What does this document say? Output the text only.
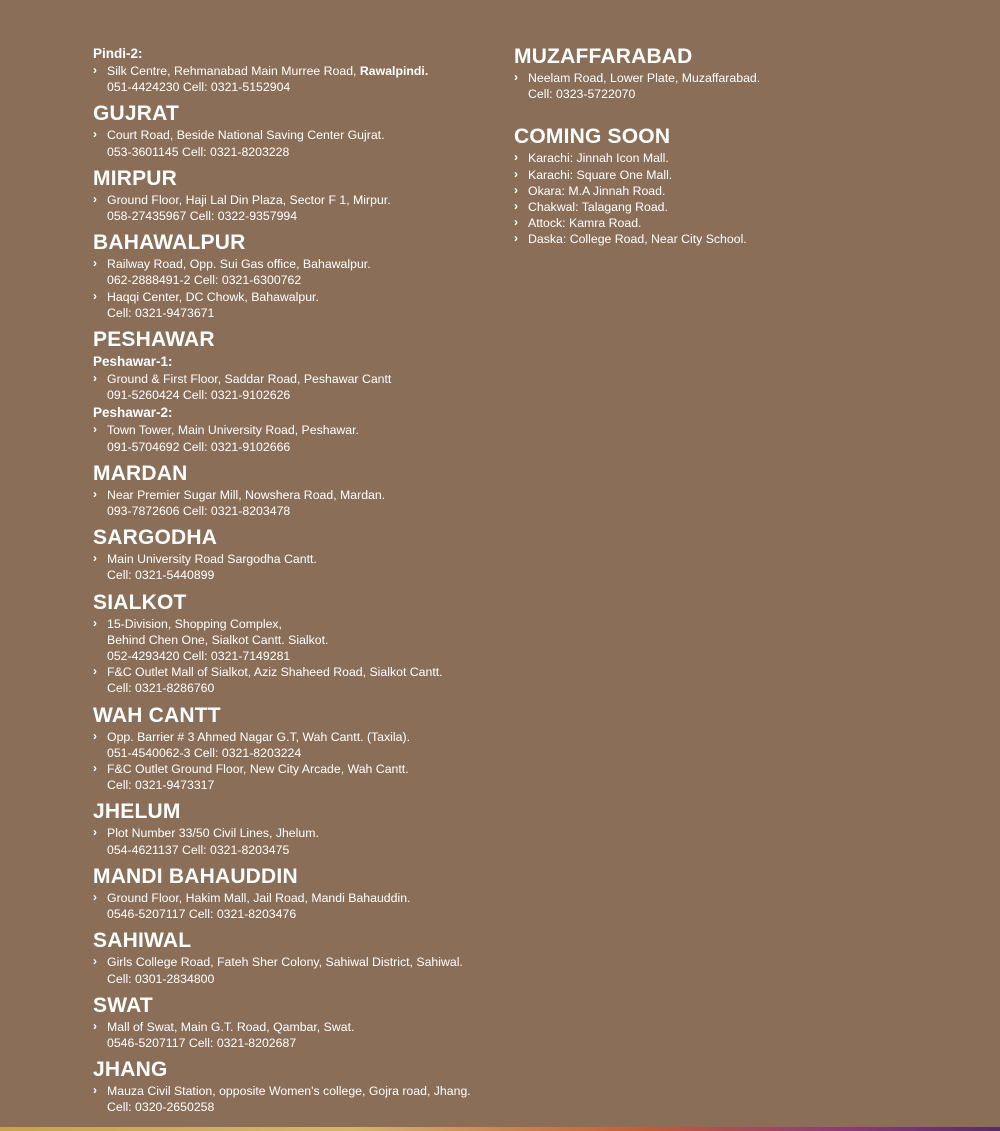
Pindi-2:
› Silk Centre, Rehmanabad Main Murree Road, Rawalpindi.
051-4424230 Cell: 0321-5152904
GUJRAT
› Court Road, Beside National Saving Center Gujrat.
053-3601145 Cell: 0321-8203228
MIRPUR
› Ground Floor, Haji Lal Din Plaza, Sector F 1, Mirpur.
058-27435967 Cell: 0322-9357994
BAHAWALPUR
› Railway Road, Opp. Sui Gas office, Bahawalpur.
062-2888491-2 Cell: 0321-6300762
› Haqqi Center, DC Chowk, Bahawalpur.
Cell: 0321-9473671
PESHAWAR
Peshawar-1:
› Ground & First Floor, Saddar Road, Peshawar Cantt
091-5260424 Cell: 0321-9102626
Peshawar-2:
› Town Tower, Main University Road, Peshawar.
091-5704692 Cell: 0321-9102666
MARDAN
› Near Premier Sugar Mill, Nowshera Road, Mardan.
093-7872606 Cell: 0321-8203478
SARGODHA
› Main University Road Sargodha Cantt.
Cell: 0321-5440899
SIALKOT
› 15-Division, Shopping Complex,
Behind Chen One, Sialkot Cantt. Sialkot.
052-4293420 Cell: 0321-7149281
› F&C Outlet Mall of Sialkot, Aziz Shaheed Road, Sialkot Cantt.
Cell: 0321-8286760
WAH CANTT
› Opp. Barrier # 3 Ahmed Nagar G.T, Wah Cantt. (Taxila).
051-4540062-3 Cell: 0321-8203224
› F&C Outlet Ground Floor, New City Arcade, Wah Cantt.
Cell: 0321-9473317
JHELUM
› Plot Number 33/50 Civil Lines, Jhelum.
054-4621137 Cell: 0321-8203475
MANDI BAHAUDDIN
› Ground Floor, Hakim Mall, Jail Road, Mandi Bahauddin.
0546-5207117 Cell: 0321-8203476
SAHIWAL
› Girls College Road, Fateh Sher Colony, Sahiwal District, Sahiwal.
Cell: 0301-2834800
SWAT
› Mall of Swat, Main G.T. Road, Qambar, Swat.
0546-5207117 Cell: 0321-8202687
JHANG
› Mauza Civil Station, opposite Women's college, Gojra road, Jhang.
Cell: 0320-2650258
MUZAFFARABAD
› Neelam Road, Lower Plate, Muzaffarabad.
Cell: 0323-5722070
COMING SOON
› Karachi: Jinnah Icon Mall.
› Karachi: Square One Mall.
› Okara: M.A Jinnah Road.
› Chakwal: Talagang Road.
› Attock: Kamra Road.
› Daska: College Road, Near City School.
